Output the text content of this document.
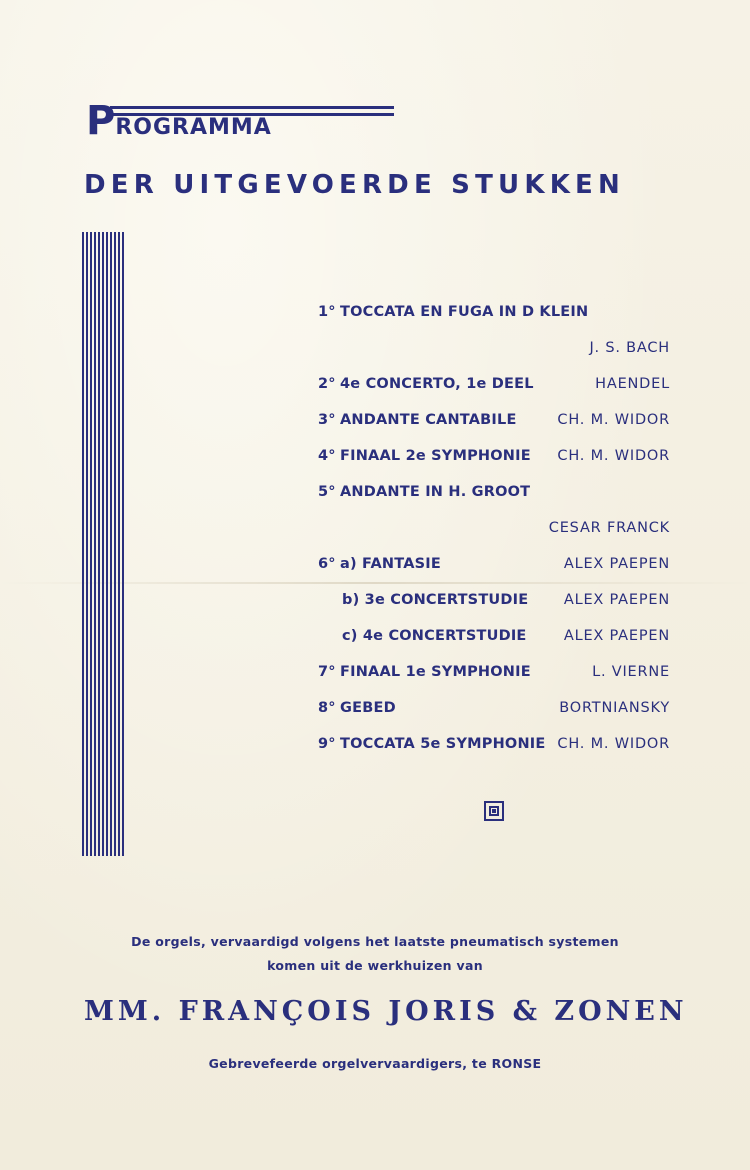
PROGRAMMA
DER UITGEVOERDE STUKKEN
1° TOCCATA EN FUGA IN D KLEIN
J. S. BACH
2° 4e CONCERTO, 1e DEEL	HAENDEL
3° ANDANTE CANTABILE	CH. M. WIDOR
4° FINAAL 2e SYMPHONIE CH. M. WIDOR
5° ANDANTE IN H. GROOT
CESAR FRANCK
6° a) FANTASIE	ALEX PAEPEN
b) 3e CONCERTSTUDIE ALEX PAEPEN
c) 4e CONCERTSTUDIE	ALEX PAEPEN
7° FINAAL 1e SYMPHONIE	L. VIERNE
8° GEBED	BORTNIANSKY
9° TOCCATA 5e SYMPHONIE CH. M. WIDOR
De orgels, vervaardigd volgens het laatste pneumatisch systemen
komen uit de werkhuizen van
MM. FRANÇOIS JORIS & ZONEN
Gebrevefeerde orgelvervaardigers, te RONSE
